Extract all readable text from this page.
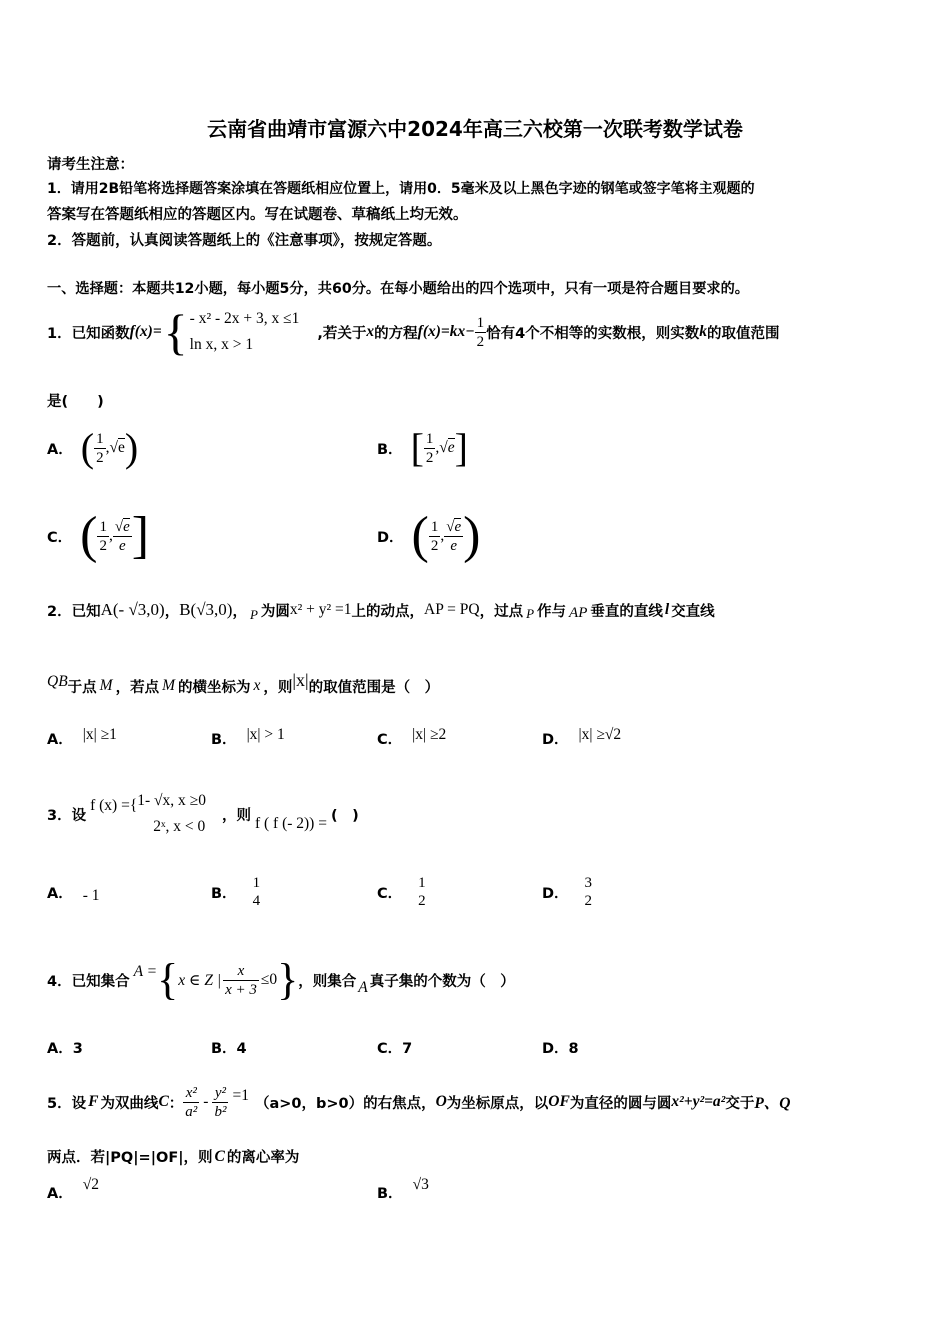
云南省曲靖市富源六中2024年高三六校第一次联考数学试卷
请考生注意：
1．请用2B铅笔将选择题答案涂填在答题纸相应位置上，请用0．5毫米及以上黑色字迹的钢笔或签字笔将主观题的
答案写在答题纸相应的答题区内。写在试题卷、草稿纸上均无效。
2．答题前，认真阅读答题纸上的《注意事项》，按规定答题。
一、选择题：本题共12小题，每小题5分，共60分。在每小题给出的四个选项中，只有一项是符合题目要求的。
1．已知函数 f(x)= { - x² - 2x + 3, x ≤1
ln x, x > 1
,若关于 x 的方程 $f(x)=kx- \frac{1}{2}$ 恰有4个不相等的实数根，则实数 k 的取值范围
是(　　)
A． ( $\frac{1}{2} ,√e$ )	B． [ $\frac{1}{2} ,√e$ ]
C． ( $\frac{1}{2}$ , $\frac{√e}{e}$ ]	D． ( $\frac{1}{2}$ , $\frac{√e}{e}$ )
2．已知 A(- √3,0) ， B(√3,0) ， P 为圆 x² + y² =1 上的动点， AP = PQ ，过点 P 作与 AP 垂直的直线 l 交直线
QB 于点 M ，若点 M 的横坐标为 x ，则 |x| 的取值范围是（　）
A． |x| ≥1	B． |x| > 1	C． |x| ≥2	D． |x| ≥√2
3．设
f (x) ={ 1- √x, x ≥0
2ˣ, x < 0
，则 f ( f (- 2)) = (　)
A． - 1	B．
1
4	C．
1
2	D．
3
2
4．已知集合
A = { x ∈ Z | $\frac{x}{x + 3} \le 0$ } ，则集合 A 真子集的个数为（　）
A．3	B．4	C．7	D．8
5．设 F 为双曲线 C ： $\frac{\text{x²}}{\text{a²}} - \frac{\text{y²}}{\text{b²}} =1$ （a>0，b>0）的右焦点， O 为坐标原点，以 OF 为直径的圆与圆 x²+y²=a² 交于 P、Q
两点．若|PQ|=|OF|，则 C 的离心率为
A．
√2
B．
√3
